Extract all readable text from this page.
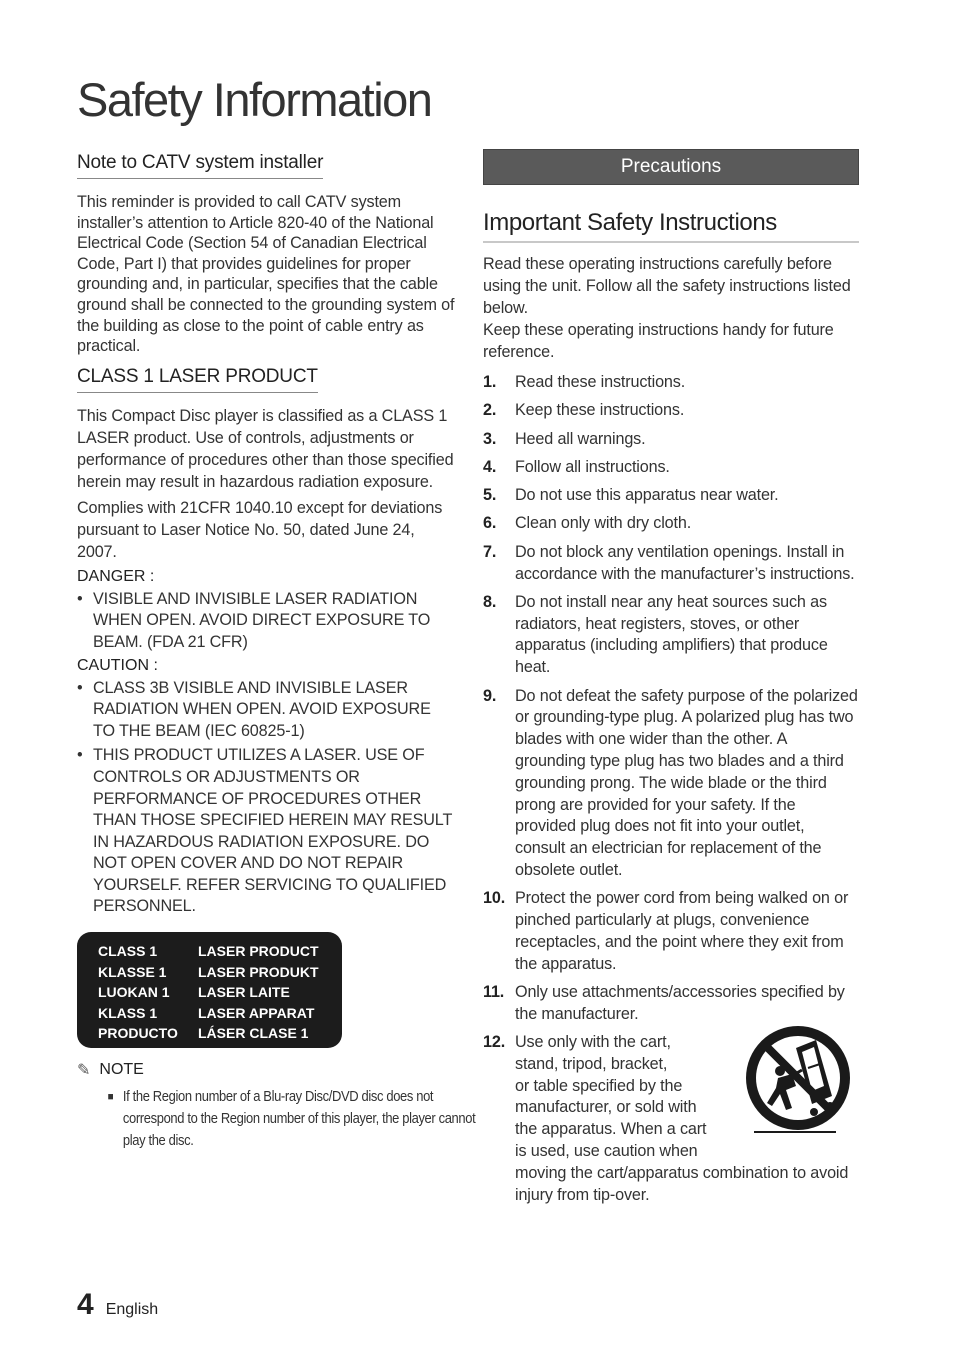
Safety Information
Note to CATV system installer

This reminder is provided to call CATV system installer’s attention to Article 820-40 of the National Electrical Code (Section 54 of Canadian Electrical Code, Part I) that provides guidelines for proper grounding and, in particular, specifies that the cable ground shall be connected to the grounding system of the building as close to the point of cable entry as practical.

CLASS 1 LASER PRODUCT

This Compact Disc player is classified as a CLASS 1 LASER product. Use of controls, adjustments or performance of procedures other than those specified herein may result in hazardous radiation exposure.

Complies with 21CFR 1040.10 except for deviations pursuant to Laser Notice No. 50, dated June 24, 2007.

DANGER :

• VISIBLE AND INVISIBLE LASER RADIATION WHEN OPEN. AVOID DIRECT EXPOSURE TO BEAM. (FDA 21 CFR)

CAUTION :

• CLASS 3B VISIBLE AND INVISIBLE LASER RADIATION WHEN OPEN. AVOID EXPOSURE TO THE BEAM (IEC 60825-1)
• THIS PRODUCT UTILIZES A LASER. USE OF CONTROLS OR ADJUSTMENTS OR PERFORMANCE OF PROCEDURES OTHER THAN THOSE SPECIFIED HEREIN MAY RESULT IN HAZARDOUS RADIATION EXPOSURE. DO NOT OPEN COVER AND DO NOT REPAIR YOURSELF. REFER SERVICING TO QUALIFIED PERSONNEL.
CLASS 1	LASER PRODUCT
KLASSE 1	LASER PRODUKT
LUOKAN 1	LASER LAITE
KLASS 1	LASER APPARAT
PRODUCTO	LÁSER CLASE 1
✎ NOTE
■ If the Region number of a Blu-ray Disc/DVD disc does not correspond to the Region number of this player, the player cannot play the disc.
Precautions
Important Safety Instructions

Read these operating instructions carefully before using the unit. Follow all the safety instructions listed below.

Keep these operating instructions handy for future reference.

1. Read these instructions.
2. Keep these instructions.
3. Heed all warnings.
4. Follow all instructions.
5. Do not use this apparatus near water.
6. Clean only with dry cloth.
7. Do not block any ventilation openings. Install in accordance with the manufacturer’s instructions.
8. Do not install near any heat sources such as radiators, heat registers, stoves, or other apparatus (including amplifiers) that produce heat.
9. Do not defeat the safety purpose of the polarized or grounding-type plug. A polarized plug has two blades with one wider than the other. A grounding type plug has two blades and a third grounding prong. The wide blade or the third prong are provided for your safety. If the provided plug does not fit into your outlet, consult an electrician for replacement of the obsolete outlet.
10. Protect the power cord from being walked on or pinched particularly at plugs, convenience receptacles, and the point where they exit from the apparatus.
11. Only use attachments/accessories specified by the manufacturer.
12. Use only with the cart,
stand, tripod, bracket,
or table specified by the
manufacturer, or sold with
the apparatus. When a cart
is used, use caution when
moving the cart/apparatus combination to avoid injury from tip-over.
4 English
